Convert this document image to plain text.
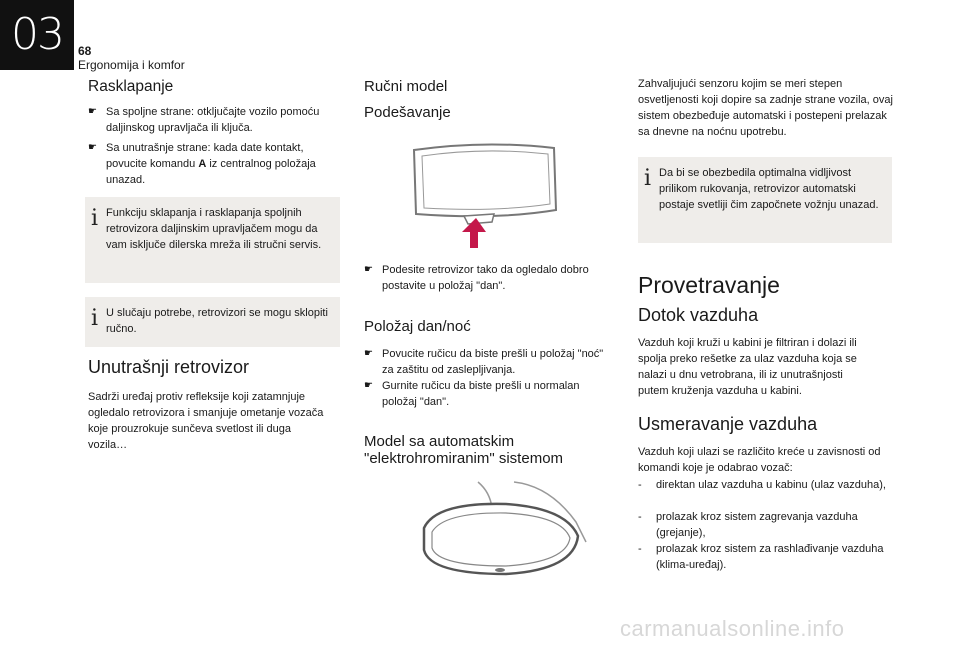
03	68
Ergonomija i komfor
Rasklapanje
☛ Sa spoljne strane: otključajte vozilo pomoću daljinskog upravljača ili ključa.
☛ Sa unutrašnje strane: kada date kontakt, povucite komandu A iz centralnog položaja unazad.
i Funkciju sklapanja i rasklapanja spoljnih retrovizora daljinskim upravljačem mogu da vam isključe dilerska mreža ili stručni servis.
i U slučaju potrebe, retrovizori se mogu sklopiti ručno.
Unutrašnji retrovizor

Sadrži uređaj protiv refleksije koji zatamnjuje ogledalo retrovizora i smanjuje ometanje vozača koje prouzrokuje sunčeva svetlost ili duga vozila…

Ručni model
Podešavanje
☛ Podesite retrovizor tako da ogledalo dobro postavite u položaj "dan".
Položaj dan/noć
☛ Povucite ručicu da biste prešli u položaj "noć" za zaštitu od zaslepljivanja.
☛ Gurnite ručicu da biste prešli u normalan položaj "dan".
Model sa automatskim
"elektrohromiranim" sistemom

Zahvaljujući senzoru kojim se meri stepen osvetljenosti koji dopire sa zadnje strane vozila, ovaj sistem obezbeđuje automatski i postepeni prelazak sa dnevne na noćnu upotrebu.

i Da bi se obezbedila optimalna vidljivost prilikom rukovanja, retrovizor automatski postaje svetliji čim započnete vožnju unazad.
Provetravanje
Dotok vazduha

Vazduh koji kruži u kabini je filtriran i dolazi ili spolja preko rešetke za ulaz vazduha koja se nalazi u dnu vetrobrana, ili iz unutrašnjosti putem kruženja vazduha u kabini.

Usmeravanje vazduha

Vazduh koji ulazi se različito kreće u zavisnosti od komandi koje je odabrao vozač:

- direktan ulaz vazduha u kabinu (ulaz vazduha),
- prolazak kroz sistem zagrevanja vazduha (grejanje),
- prolazak kroz sistem za rashlađivanje vazduha (klima-uređaj).
carmanualsonline.info
